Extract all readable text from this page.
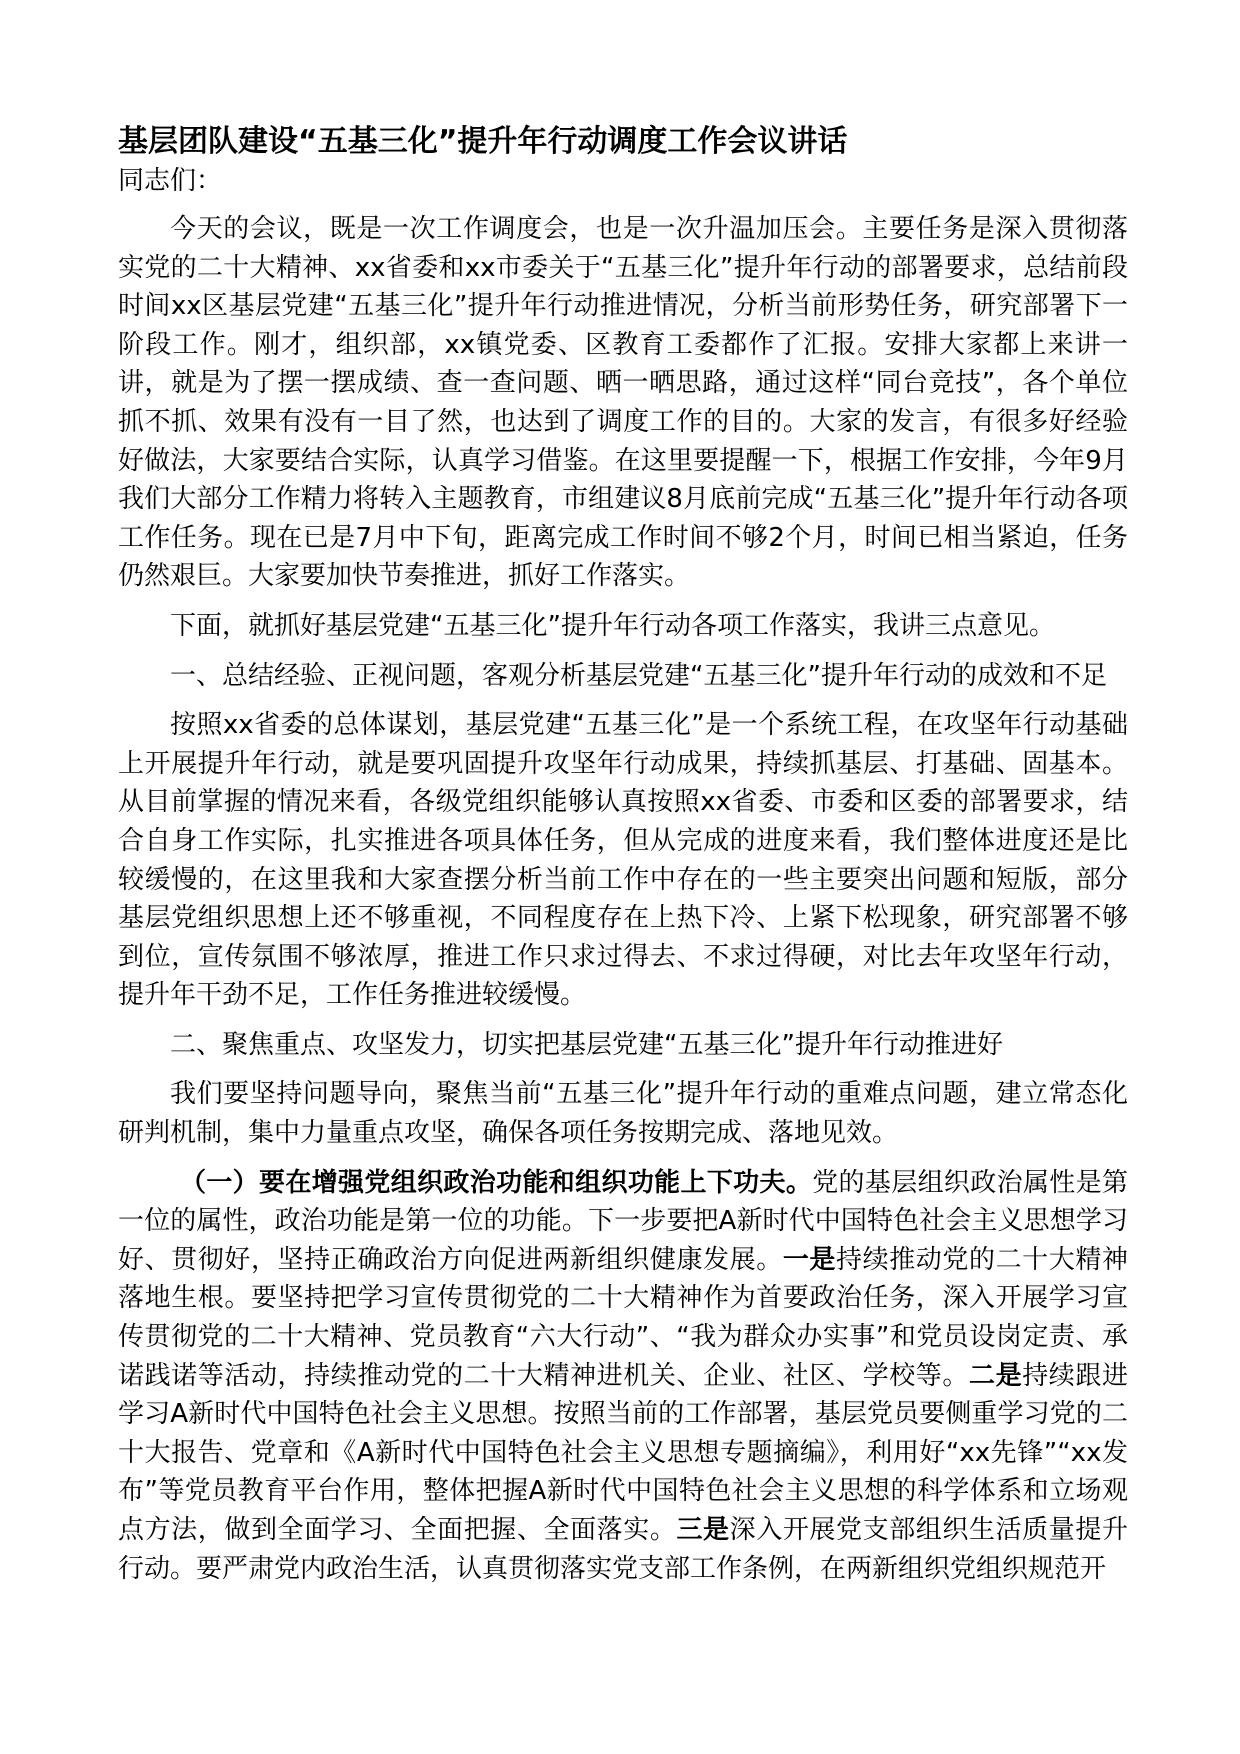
基层团队建设“五基三化”提升年行动调度工作会议讲话

同志们：

今天的会议，既是一次工作调度会，也是一次升温加压会。主要任务是深入贯彻落实党的二十大精神、xx省委和xx市委关于“五基三化”提升年行动的部署要求，总结前段时间xx区基层党建“五基三化”提升年行动推进情况，分析当前形势任务，研究部署下一阶段工作。刚才，组织部，xx镇党委、区教育工委都作了汇报。安排大家都上来讲一讲，就是为了摆一摆成绩、查一查问题、晒一晒思路，通过这样“同台竞技”，各个单位抓不抓、效果有没有一目了然，也达到了调度工作的目的。大家的发言，有很多好经验好做法，大家要结合实际，认真学习借鉴。在这里要提醒一下，根据工作安排，今年9月我们大部分工作精力将转入主题教育，市组建议8月底前完成“五基三化”提升年行动各项工作任务。现在已是7月中下旬，距离完成工作时间不够2个月，时间已相当紧迫，任务仍然艰巨。大家要加快节奏推进，抓好工作落实。

下面，就抓好基层党建“五基三化”提升年行动各项工作落实，我讲三点意见。

一、总结经验、正视问题，客观分析基层党建“五基三化”提升年行动的成效和不足

按照xx省委的总体谋划，基层党建“五基三化”是一个系统工程，在攻坚年行动基础上开展提升年行动，就是要巩固提升攻坚年行动成果，持续抓基层、打基础、固基本。从目前掌握的情况来看，各级党组织能够认真按照xx省委、市委和区委的部署要求，结合自身工作实际，扎实推进各项具体任务，但从完成的进度来看，我们整体进度还是比较缓慢的，在这里我和大家查摆分析当前工作中存在的一些主要突出问题和短版，部分基层党组织思想上还不够重视，不同程度存在上热下冷、上紧下松现象，研究部署不够到位，宣传氛围不够浓厚，推进工作只求过得去、不求过得硬，对比去年攻坚年行动，提升年干劲不足，工作任务推进较缓慢。

二、聚焦重点、攻坚发力，切实把基层党建“五基三化”提升年行动推进好

我们要坚持问题导向，聚焦当前“五基三化”提升年行动的重难点问题，建立常态化研判机制，集中力量重点攻坚，确保各项任务按期完成、落地见效。

（一）要在增强党组织政治功能和组织功能上下功夫。党的基层组织政治属性是第一位的属性，政治功能是第一位的功能。下一步要把A新时代中国特色社会主义思想学习好、贯彻好，坚持正确政治方向促进两新组织健康发展。一是持续推动党的二十大精神落地生根。要坚持把学习宣传贯彻党的二十大精神作为首要政治任务，深入开展学习宣传贯彻党的二十大精神、党员教育“六大行动”、“我为群众办实事”和党员设岗定责、承诺践诺等活动，持续推动党的二十大精神进机关、企业、社区、学校等。二是持续跟进学习A新时代中国特色社会主义思想。按照当前的工作部署，基层党员要侧重学习党的二十大报告、党章和《A新时代中国特色社会主义思想专题摘编》，利用好“xx先锋”“xx发布”等党员教育平台作用，整体把握A新时代中国特色社会主义思想的科学体系和立场观点方法，做到全面学习、全面把握、全面落实。三是深入开展党支部组织生活质量提升行动。要严肃党内政治生活，认真贯彻落实党支部工作条例，在两新组织党组织规范开
